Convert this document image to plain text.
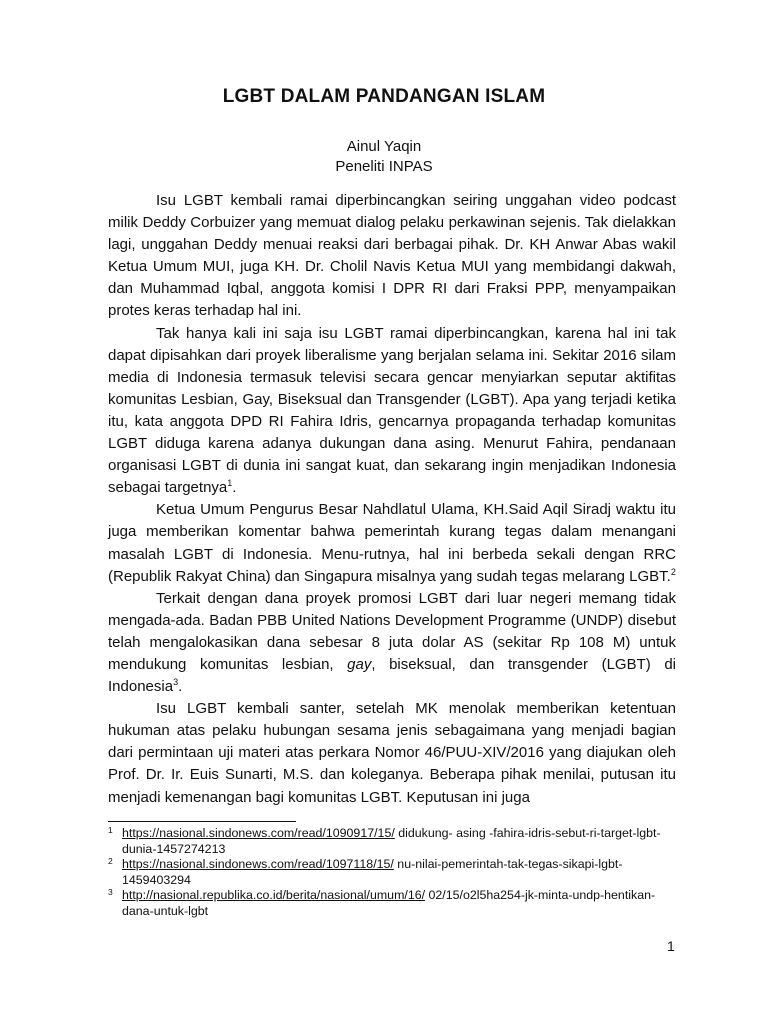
LGBT DALAM PANDANGAN ISLAM
Ainul Yaqin
Peneliti INPAS

Isu LGBT kembali ramai diperbincangkan seiring unggahan video podcast milik Deddy Corbuizer yang memuat dialog pelaku perkawinan sejenis. Tak dielakkan lagi, unggahan Deddy menuai reaksi dari berbagai pihak. Dr. KH Anwar Abas wakil Ketua Umum MUI, juga KH. Dr. Cholil Navis Ketua MUI yang membidangi dakwah, dan Muhammad Iqbal, anggota komisi I DPR RI dari Fraksi PPP, menyampaikan protes keras terhadap hal ini.

Tak hanya kali ini saja isu LGBT ramai diperbincangkan, karena hal ini tak dapat dipisahkan dari proyek liberalisme yang berjalan selama ini. Sekitar 2016 silam media di Indonesia termasuk televisi secara gencar menyiarkan seputar aktifitas komunitas Lesbian, Gay, Biseksual dan Transgender (LGBT). Apa yang terjadi ketika itu, kata anggota DPD RI Fahira Idris, gencarnya propaganda terhadap komunitas LGBT diduga karena adanya dukungan dana asing. Menurut Fahira, pendanaan organisasi LGBT di dunia ini sangat kuat, dan sekarang ingin menjadikan Indonesia sebagai targetnya$^1$.

Ketua Umum Pengurus Besar Nahdlatul Ulama, KH.Said Aqil Siradj waktu itu juga memberikan komentar bahwa pemerintah kurang tegas dalam menangani masalah LGBT di Indonesia. Menu-rutnya, hal ini berbeda sekali dengan RRC (Republik Rakyat China) dan Singapura misalnya yang sudah tegas melarang LGBT.$^2$

Terkait dengan dana proyek promosi LGBT dari luar negeri memang tidak mengada-ada. Badan PBB United Nations Development Programme (UNDP) disebut telah mengalokasikan dana sebesar 8 juta dolar AS (sekitar Rp 108 M) untuk mendukung komunitas lesbian, gay, biseksual, dan transgender (LGBT) di Indonesia$^3$.

Isu LGBT kembali santer, setelah MK menolak memberikan ketentuan hukuman atas pelaku hubungan sesama jenis sebagaimana yang menjadi bagian dari permintaan uji materi atas perkara Nomor 46/PUU-XIV/2016 yang diajukan oleh Prof. Dr. Ir. Euis Sunarti, M.S. dan koleganya. Beberapa pihak menilai, putusan itu menjadi kemenangan bagi komunitas LGBT. Keputusan ini juga

1 https://nasional.sindonews.com/read/1090917/15/ didukung- asing -fahira-idris-sebut-ri-target-lgbt-dunia-1457274213
2 https://nasional.sindonews.com/read/1097118/15/ nu-nilai-pemerintah-tak-tegas-sikapi-lgbt-1459403294
3 http://nasional.republika.co.id/berita/nasional/umum/16/ 02/15/o2l5ha254-jk-minta-undp-hentikan-dana-untuk-lgbt
1
